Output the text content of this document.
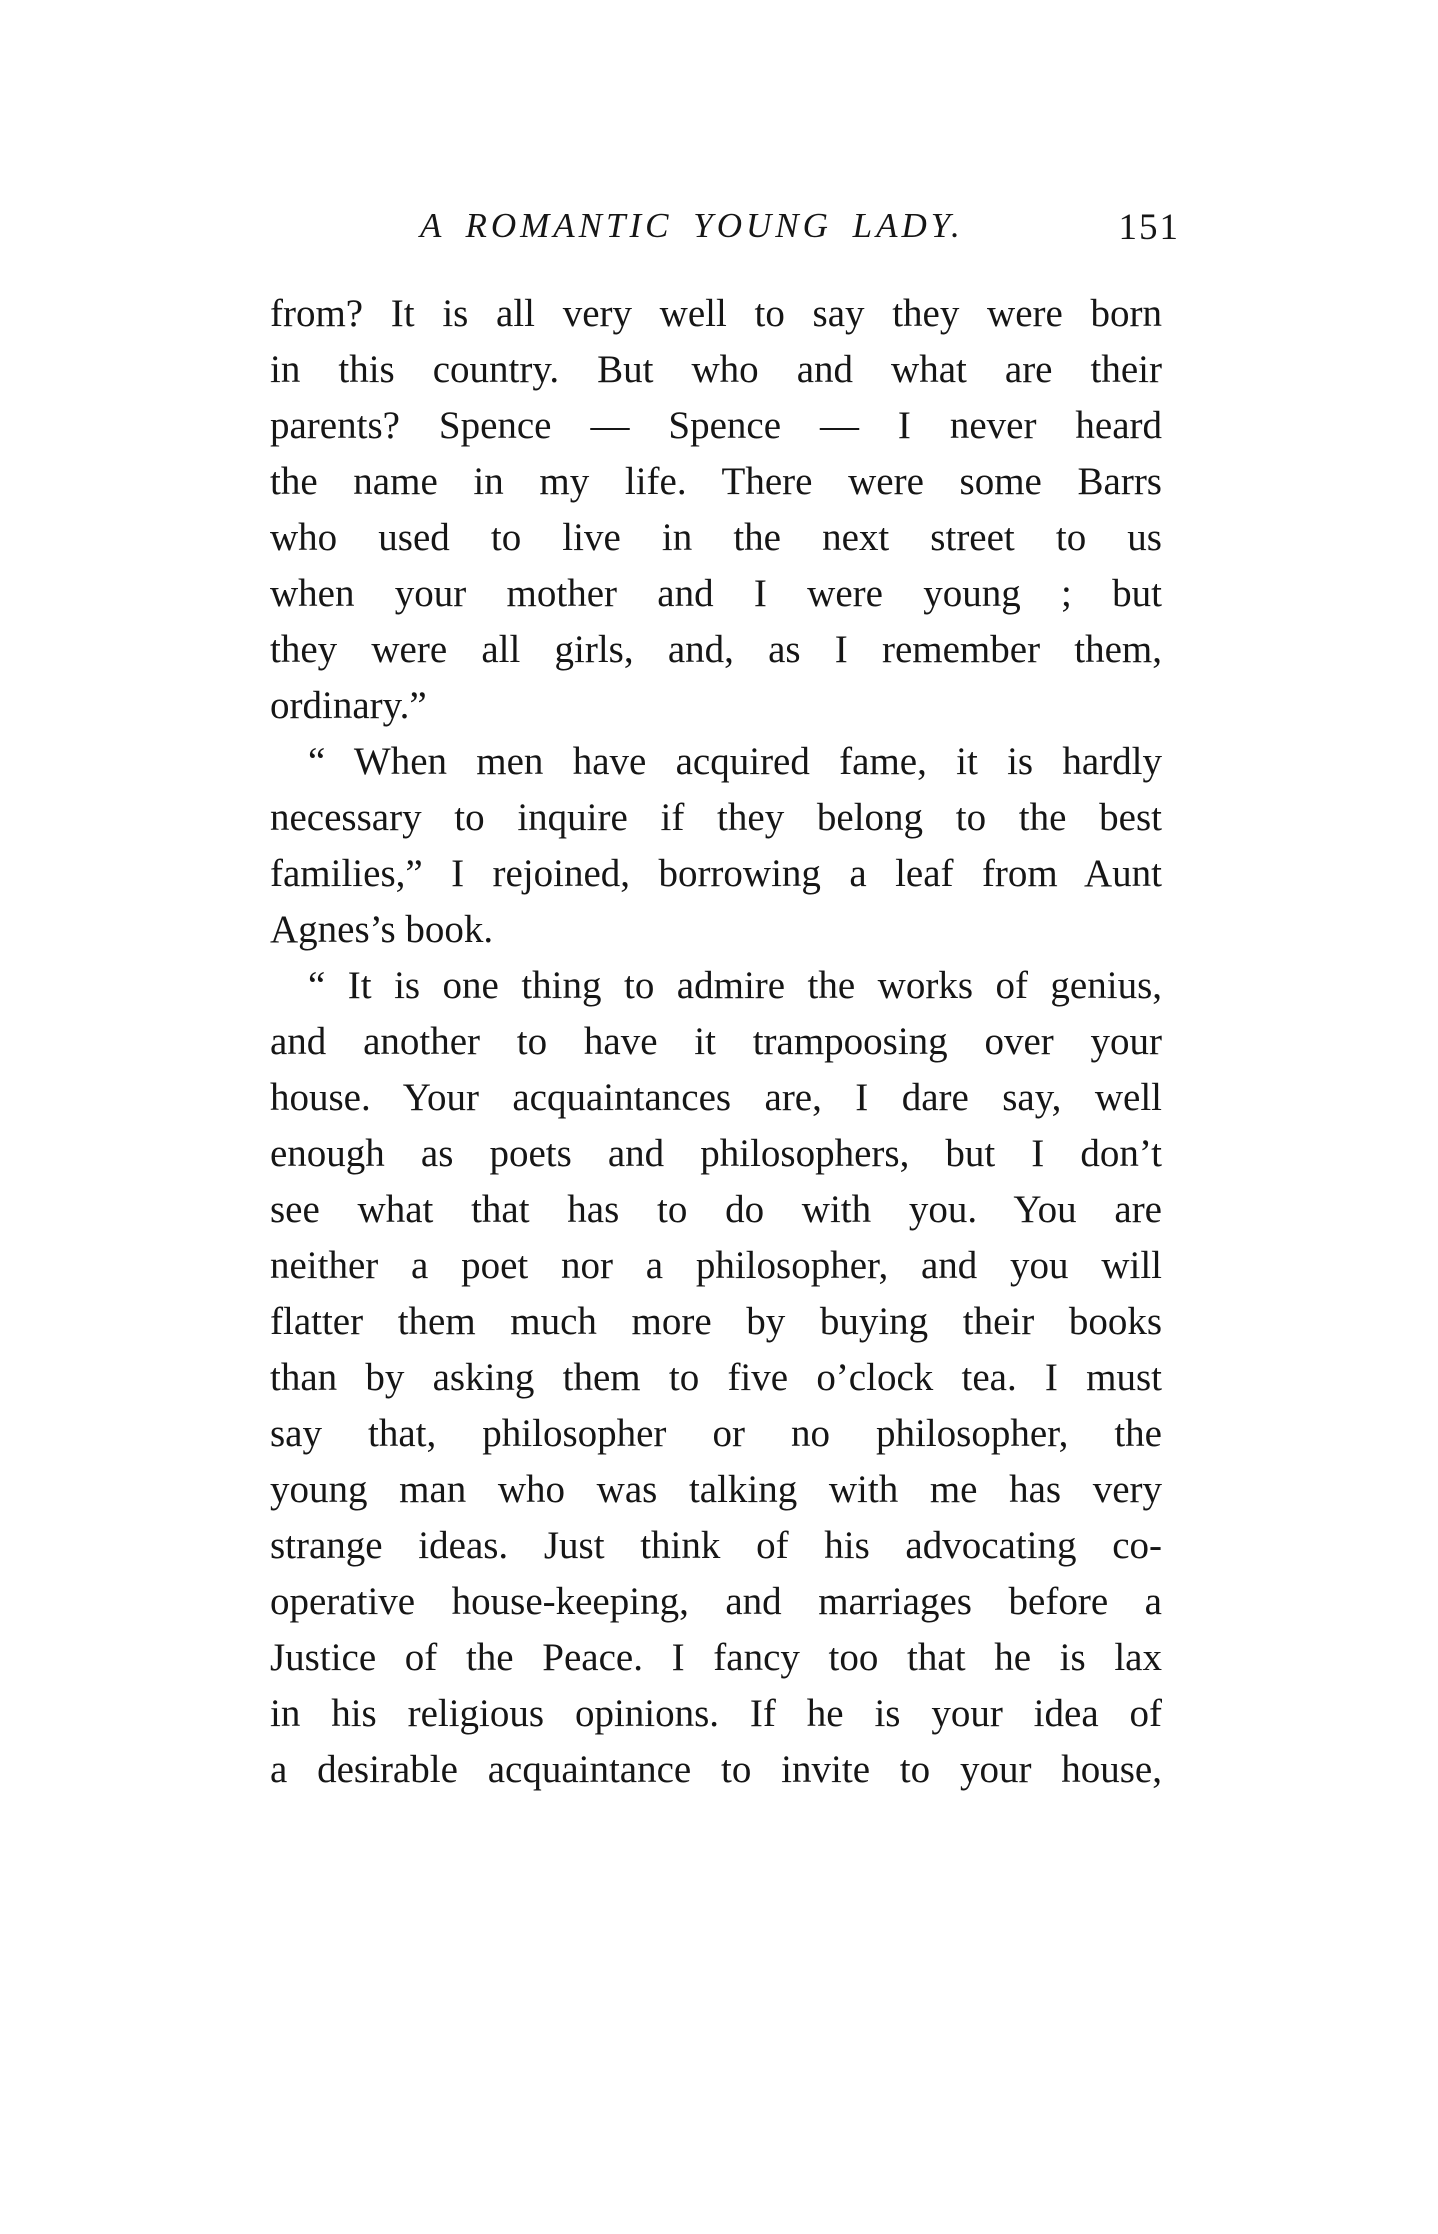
A ROMANTIC YOUNG LADY.	151
from? It is all very well to say they were born
in this country. But who and what are their
parents? Spence — Spence — I never heard
the name in my life. There were some Barrs
who used to live in the next street to us
when your mother and I were young ; but
they were all girls, and, as I remember them,
ordinary.”
“ When men have acquired fame, it is hardly
necessary to inquire if they belong to the best
families,” I rejoined, borrowing a leaf from Aunt
Agnes’s book.
“ It is one thing to admire the works of genius,
and another to have it trampoosing over your
house. Your acquaintances are, I dare say, well
enough as poets and philosophers, but I don’t
see what that has to do with you. You are
neither a poet nor a philosopher, and you will
flatter them much more by buying their books
than by asking them to five o’clock tea. I must
say that, philosopher or no philosopher, the
young man who was talking with me has very
strange ideas. Just think of his advocating co-
operative house-keeping, and marriages before a
Justice of the Peace. I fancy too that he is lax
in his religious opinions. If he is your idea of
a desirable acquaintance to invite to your house,
